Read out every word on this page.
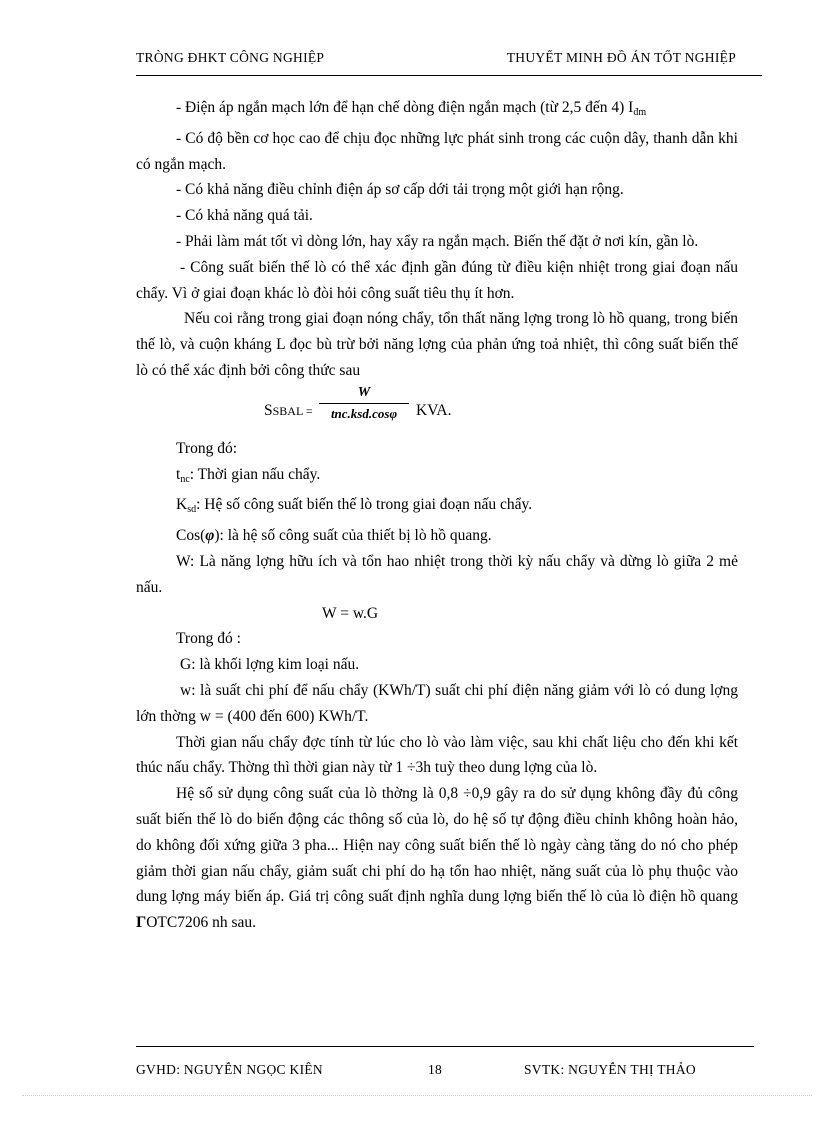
TRÒNG ĐHKT CÔNG NGHIỆP	THUYẾT MINH ĐỒ ÁN TỐT NGHIỆP

- Điện áp ngắn mạch lớn để hạn chế dòng điện ngắn mạch (từ 2,5 đến 4) $I_{đm}$

- Có độ bền cơ học cao để chịu đọc những lực phát sinh trong các cuộn dây, thanh dẫn khi có ngắn mạch.

- Có khả năng điều chỉnh điện áp sơ cấp dới tải trọng một giới hạn rộng.

- Có khả năng quá tải.

- Phải làm mát tốt vì dòng lớn, hay xẩy ra ngắn mạch. Biến thế đặt ở nơi kín, gần lò.

- Công suất biến thế lò có thể xác định gần đúng từ điều kiện nhiệt trong giai đoạn nấu chẩy. Vì ở giai đoạn khác lò đòi hỏi công suất tiêu thụ ít hơn.

Nếu coi rằng trong giai đoạn nóng chẩy, tổn thất năng lợng trong lò hồ quang, trong biến thế lò, và cuộn kháng L đọc bù trừ bởi năng lợng của phản ứng toả nhiệt, thì công suất biến thế lò có thể xác định bởi công thức sau

SSBAL =
W
tnc.ksd.cosφ	KVA.

Trong đó:

$t_{nc}$: Thời gian nấu chẩy.

$K_{sd}$: Hệ số công suất biến thế lò trong giai đoạn nấu chẩy.

Cos(φ): là hệ số công suất của thiết bị lò hồ quang.

W: Là năng lợng hữu ích và tổn hao nhiệt trong thời kỳ nấu chẩy và dừng lò giữa 2 mẻ nấu.

W = w.G

Trong đó :

G: là khối lợng kim loại nấu.

w: là suất chi phí để nấu chẩy (KWh/T) suất chi phí điện năng giảm với lò có dung lợng lớn thờng w = (400 đến 600) KWh/T.

Thời gian nấu chẩy đợc tính từ lúc cho lò vào làm việc, sau khi chất liệu cho đến khi kết thúc nấu chẩy. Thờng thì thời gian này từ 1 ÷3h tuỳ theo dung lợng của lò.

Hệ số sử dụng công suất của lò thờng là 0,8 ÷0,9 gây ra do sử dụng không đầy đủ công suất biến thế lò do biến động các thông số của lò, do hệ số tự động điều chỉnh không hoàn hảo, do không đối xứng giữa 3 pha... Hiện nay công suất biến thế lò ngày càng tăng do nó cho phép giảm thời gian nấu chẩy, giảm suất chi phí do hạ tổn hao nhiệt, năng suất của lò phụ thuộc vào dung lợng máy biến áp. Giá trị công suất định nghĩa dung lợng biến thế lò của lò điện hồ quang ΓOTC7206 nh sau.

GVHD: NGUYỄN NGỌC KIÊN	18	SVTK: NGUYỄN THỊ THẢO
